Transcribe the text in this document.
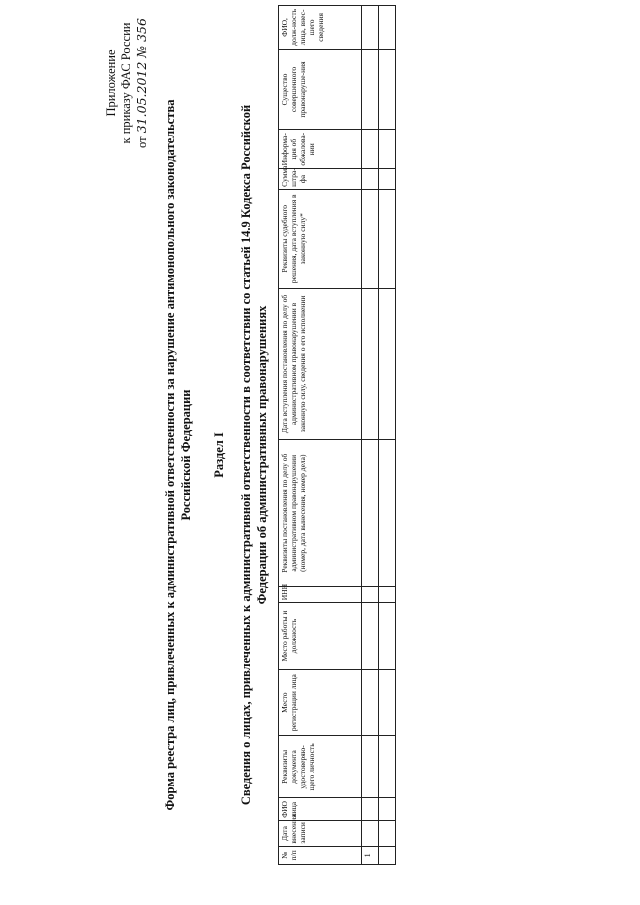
Приложение к приказу ФАС России от 31.05.2012 № 356
Форма реестра лиц, привлеченных к административной ответственности за нарушение антимонопольного законодательства Российской Федерации Раздел I Сведения о лицах, привлеченных к административной ответственности в соответствии со статьей 14.9 Кодекса Российской Федерации об административных правонарушениях
№ п/п	Дата внесения записи	ФИО лица	Реквизиты документа удостоверяю-щего личность	Место регистрации лица	Место работы и должность	ИНН	Реквизиты постановления по делу об административном правонарушении (номер, дата вынесения, номер дела)	Дата вступления постановления по делу об административном правонарушении в законную силу, сведения о его исполнении	Реквизиты судебного решения, дата вступления в законную силу*	Сумма штра-фа	Информа-ция об обжалова-нии	Существо совершенного правонаруше-ния	ФИО, долж-ность лица, внес-шего сведения
1													
